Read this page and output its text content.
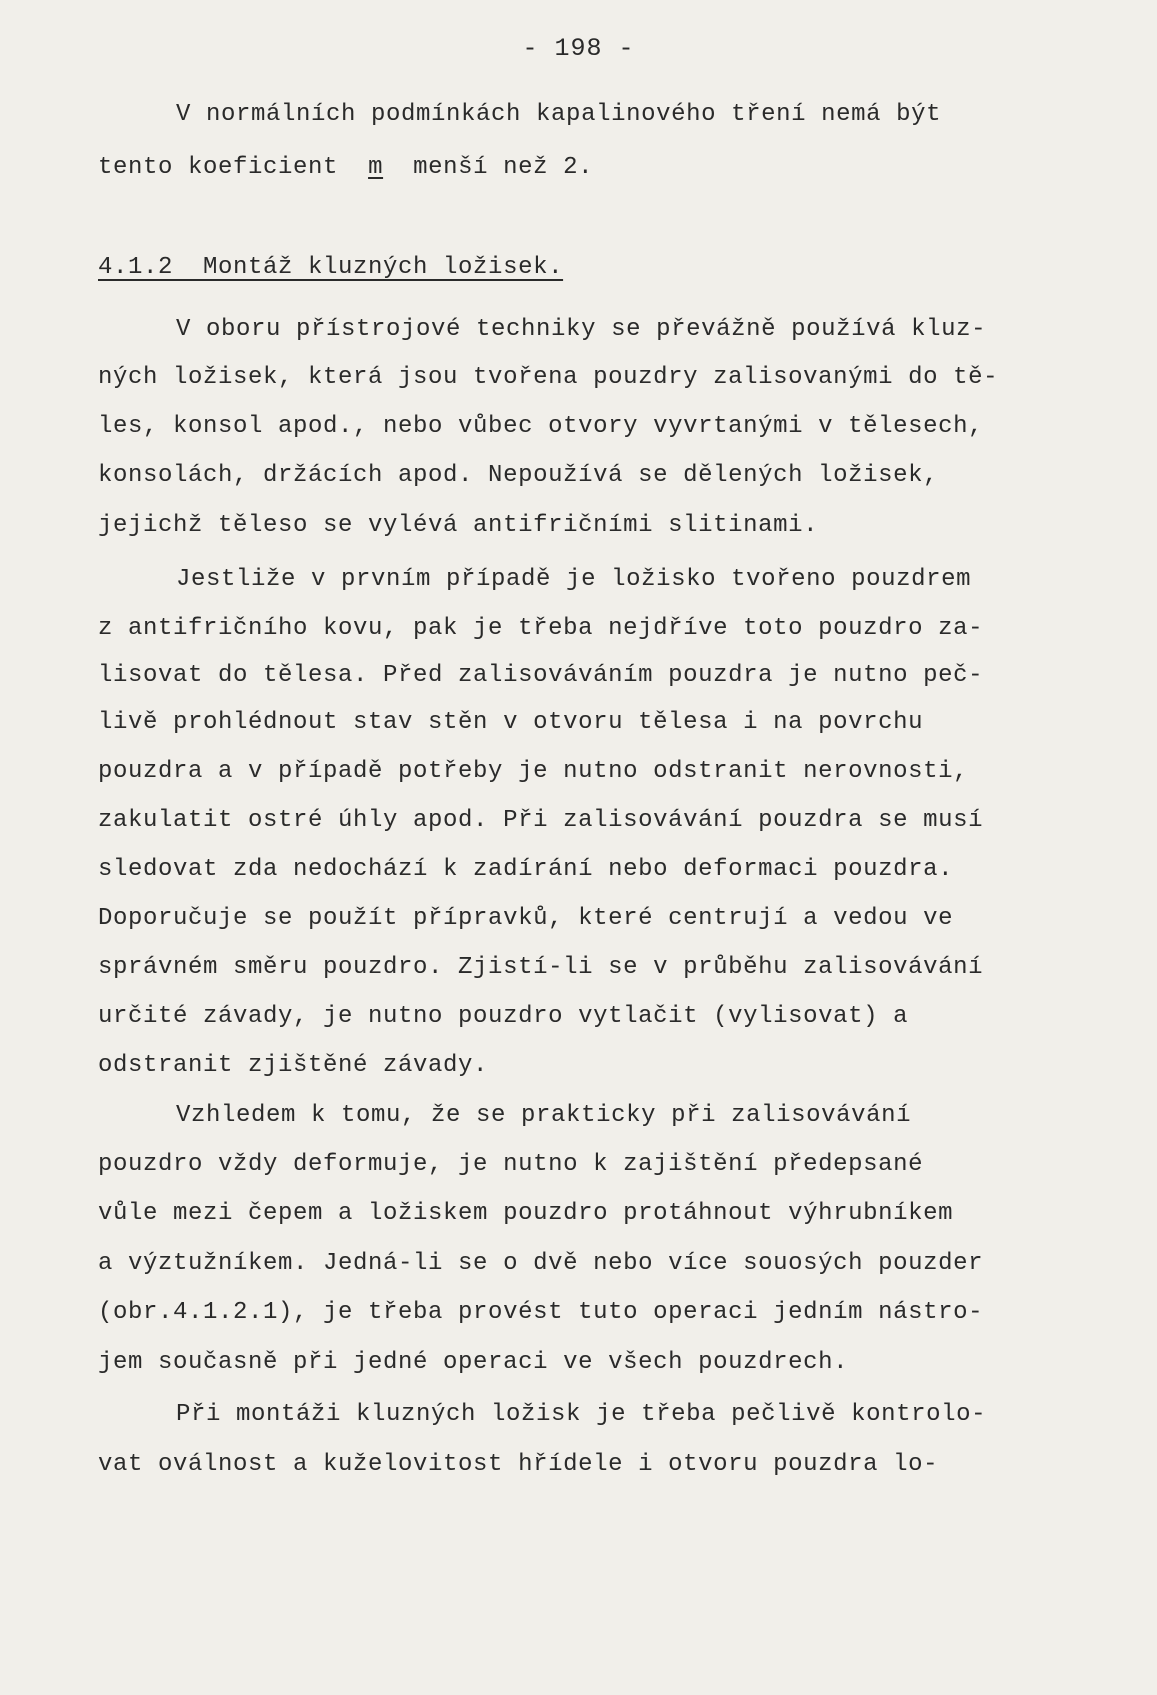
- 198 -
V normálních podmínkách kapalinového tření nemá být
tento koeficient m menší než 2.
4.1.2  Montáž kluzných ložisek.
V oboru přístrojové techniky se převážně používá kluz-
ných ložisek, která jsou tvořena pouzdry zalisovanými do tě-
les, konsol apod., nebo vůbec otvory vyvrtanými v tělesech,
konsolách, držácích apod. Nepoužívá se dělených ložisek,
jejichž těleso se vylévá antifričními slitinami.
Jestliže v prvním případě je ložisko tvořeno pouzdrem
z antifričního kovu, pak je třeba nejdříve toto pouzdro za-
lisovat do tělesa. Před zalisováváním pouzdra je nutno peč-
livě prohlédnout stav stěn v otvoru tělesa i na povrchu
pouzdra a v případě potřeby je nutno odstranit nerovnosti,
zakulatit ostré úhly apod. Při zalisovávání pouzdra se musí
sledovat zda nedochází k zadírání nebo deformaci pouzdra.
Doporučuje se použít přípravků, které centrují a vedou ve
správném směru pouzdro. Zjistí-li se v průběhu zalisovávání
určité závady, je nutno pouzdro vytlačit (vylisovat) a
odstranit zjištěné závady.
Vzhledem k tomu, že se prakticky při zalisovávání
pouzdro vždy deformuje, je nutno k zajištění předepsané
vůle mezi čepem a ložiskem pouzdro protáhnout výhrubníkem
a výztužníkem. Jedná-li se o dvě nebo více souosých pouzder
(obr.4.1.2.1), je třeba provést tuto operaci jedním nástro-
jem současně při jedné operaci ve všech pouzdrech.
Při montáži kluzných ložisk je třeba pečlivě kontrolo-
vat oválnost a kuželovitost hřídele i otvoru pouzdra lo-
